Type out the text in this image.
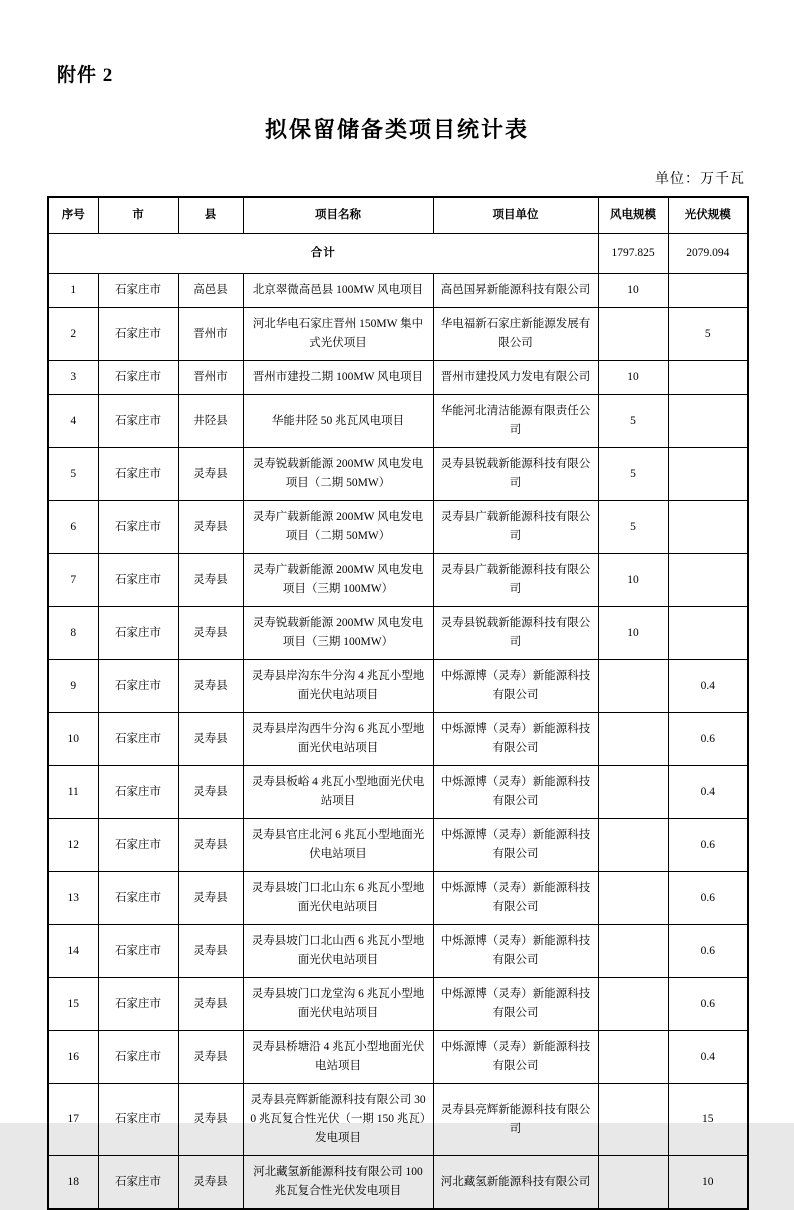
附件 2
拟保留储备类项目统计表
单位：万千瓦
序号	市	县	项目名称	项目单位	风电规模	光伏规模
合计					1797.825	2079.094
1	石家庄市	高邑县	北京翠微高邑县 100MW 风电项目	高邑国昇新能源科技有限公司	10	
2	石家庄市	晋州市	河北华电石家庄晋州 150MW 集中式光伏项目	华电福新石家庄新能源发展有限公司		5
3	石家庄市	晋州市	晋州市建投二期 100MW 风电项目	晋州市建投风力发电有限公司	10	
4	石家庄市	井陉县	华能井陉 50 兆瓦风电项目	华能河北清洁能源有限责任公司	5	
5	石家庄市	灵寿县	灵寿锐载新能源 200MW 风电发电项目（二期 50MW）	灵寿县锐载新能源科技有限公司	5	
6	石家庄市	灵寿县	灵寿广载新能源 200MW 风电发电项目（二期 50MW）	灵寿县广载新能源科技有限公司	5	
7	石家庄市	灵寿县	灵寿广载新能源 200MW 风电发电项目（三期 100MW）	灵寿县广载新能源科技有限公司	10	
8	石家庄市	灵寿县	灵寿锐载新能源 200MW 风电发电项目（三期 100MW）	灵寿县锐载新能源科技有限公司	10	
9	石家庄市	灵寿县	灵寿县岸沟东牛分沟 4 兆瓦小型地面光伏电站项目	中烁源博（灵寿）新能源科技有限公司		0.4
10	石家庄市	灵寿县	灵寿县岸沟西牛分沟 6 兆瓦小型地面光伏电站项目	中烁源博（灵寿）新能源科技有限公司		0.6
11	石家庄市	灵寿县	灵寿县板峪 4 兆瓦小型地面光伏电站项目	中烁源博（灵寿）新能源科技有限公司		0.4
12	石家庄市	灵寿县	灵寿县官庄北河 6 兆瓦小型地面光伏电站项目	中烁源博（灵寿）新能源科技有限公司		0.6
13	石家庄市	灵寿县	灵寿县坡门口北山东 6 兆瓦小型地面光伏电站项目	中烁源博（灵寿）新能源科技有限公司		0.6
14	石家庄市	灵寿县	灵寿县坡门口北山西 6 兆瓦小型地面光伏电站项目	中烁源博（灵寿）新能源科技有限公司		0.6
15	石家庄市	灵寿县	灵寿县坡门口龙堂沟 6 兆瓦小型地面光伏电站项目	中烁源博（灵寿）新能源科技有限公司		0.6
16	石家庄市	灵寿县	灵寿县桥塘沿 4 兆瓦小型地面光伏电站项目	中烁源博（灵寿）新能源科技有限公司		0.4
17	石家庄市	灵寿县	灵寿县亮辉新能源科技有限公司 300 兆瓦复合性光伏（一期 150 兆瓦）发电项目	灵寿县亮辉新能源科技有限公司		15
18	石家庄市	灵寿县	河北藏氢新能源科技有限公司 100 兆瓦复合性光伏发电项目	河北藏氢新能源科技有限公司		10
